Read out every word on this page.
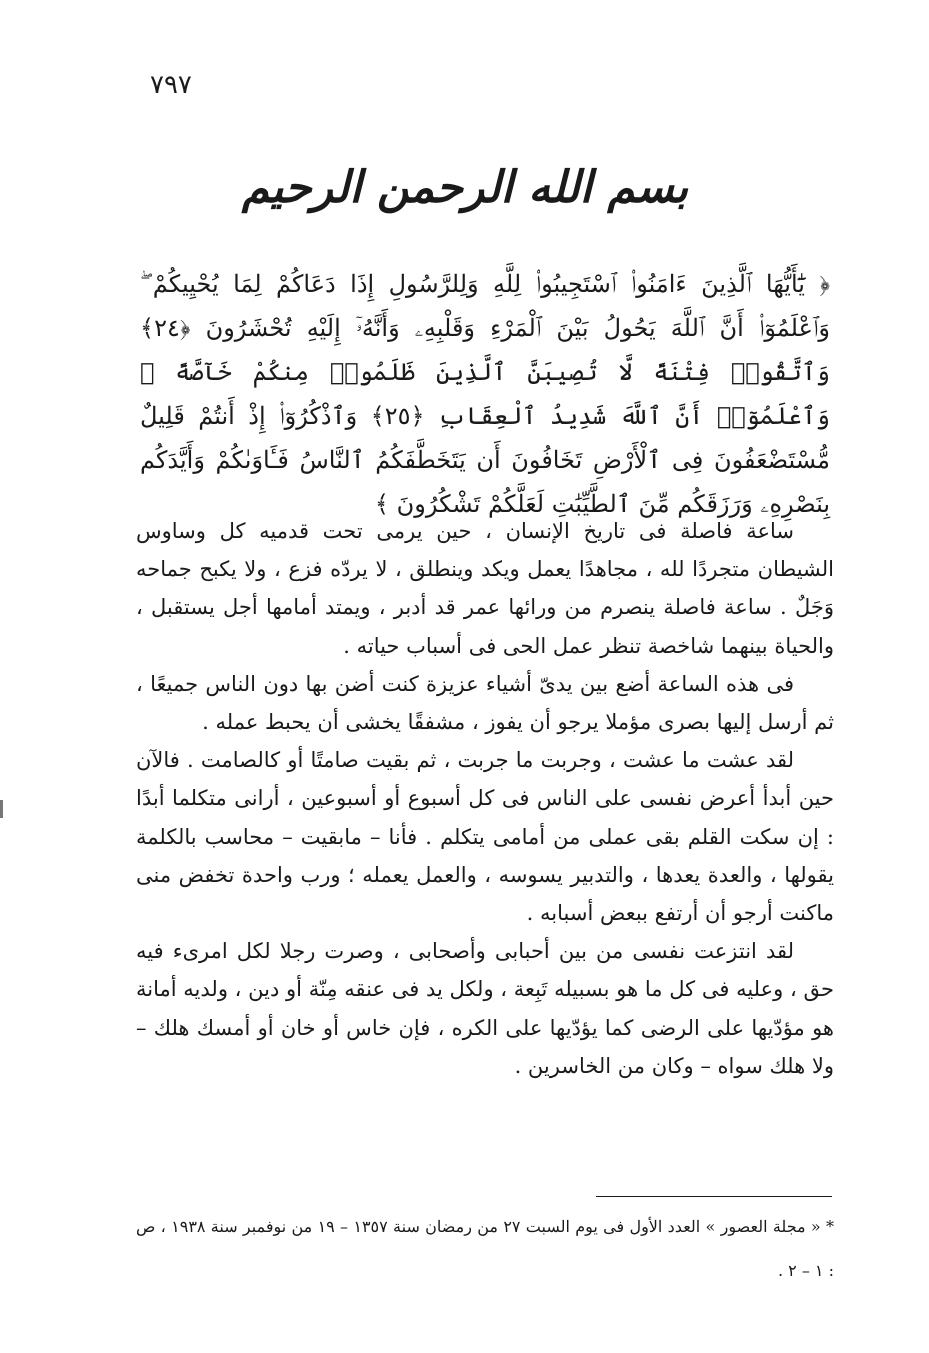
٧٩٧
بسم الله الرحمن الرحيم
﴿ يَٰٓأَيُّهَا ٱلَّذِينَ ءَامَنُوا۟ ٱسْتَجِيبُوا۟ لِلَّهِ وَلِلرَّسُولِ إِذَا دَعَاكُمْ لِمَا يُحْيِيكُمْ ۖ وَٱعْلَمُوٓا۟ أَنَّ ٱللَّهَ يَحُولُ بَيْنَ ٱلْمَرْءِ وَقَلْبِهِۦ وَأَنَّهُۥٓ إِلَيْهِ تُحْشَرُونَ ﴿٢٤﴾ وَٱتَّقُوا۟ فِتْنَةً لَّا تُصِيبَنَّ ٱلَّذِينَ ظَلَمُوا۟ مِنكُمْ خَآصَّةً ۖ وَٱعْلَمُوٓا۟ أَنَّ ٱللَّهَ شَدِيدُ ٱلْعِقَابِ ﴿٢٥﴾ وَٱذْكُرُوٓا۟ إِذْ أَنتُمْ قَلِيلٌ مُّسْتَضْعَفُونَ فِى ٱلْأَرْضِ تَخَافُونَ أَن يَتَخَطَّفَكُمُ ٱلنَّاسُ فَـَٔاوَىٰكُمْ وَأَيَّدَكُم بِنَصْرِهِۦ وَرَزَقَكُم مِّنَ ٱلطَّيِّبَٰتِ لَعَلَّكُمْ تَشْكُرُونَ ﴾

ساعة فاصلة فى تاريخ الإنسان ، حين يرمى تحت قدميه كل وساوس الشيطان متجردًا لله ، مجاهدًا يعمل ويكد وينطلق ، لا يردّه فزع ، ولا يكبح جماحه وَجَلٌ . ساعة فاصلة ينصرم من ورائها عمر قد أدبر ، ويمتد أمامها أجل يستقبل ، والحياة بينهما شاخصة تنظر عمل الحى فى أسباب حياته .

فى هذه الساعة أضع بين يدىّ أشياء عزيزة كنت أضن بها دون الناس جميعًا ، ثم أرسل إليها بصرى مؤملا يرجو أن يفوز ، مشفقًا يخشى أن يحبط عمله .

لقد عشت ما عشت ، وجربت ما جربت ، ثم بقيت صامتًا أو كالصامت . فالآن حين أبدأ أعرض نفسى على الناس فى كل أسبوع أو أسبوعين ، أرانى متكلما أبدًا : إن سكت القلم بقى عملى من أمامى يتكلم . فأنا – مابقيت – محاسب بالكلمة يقولها ، والعدة يعدها ، والتدبير يسوسه ، والعمل يعمله ؛ ورب واحدة تخفض منى ماكنت أرجو أن أرتفع ببعض أسبابه .

لقد انتزعت نفسى من بين أحبابى وأصحابى ، وصرت رجلا لكل امرىء فيه حق ، وعليه فى كل ما هو بسبيله تَبِعة ، ولكل يد فى عنقه مِنّة أو دين ، ولديه أمانة هو مؤدّيها على الرضى كما يؤدّيها على الكره ، فإن خاس أو خان أو أمسك هلك – ولا هلك سواه – وكان من الخاسرين .

* « مجلة العصور » العدد الأول فى يوم السبت ٢٧ من رمضان سنة ١٣٥٧ – ١٩ من نوفمبر سنة ١٩٣٨ ، ص : ١ – ٢ .
